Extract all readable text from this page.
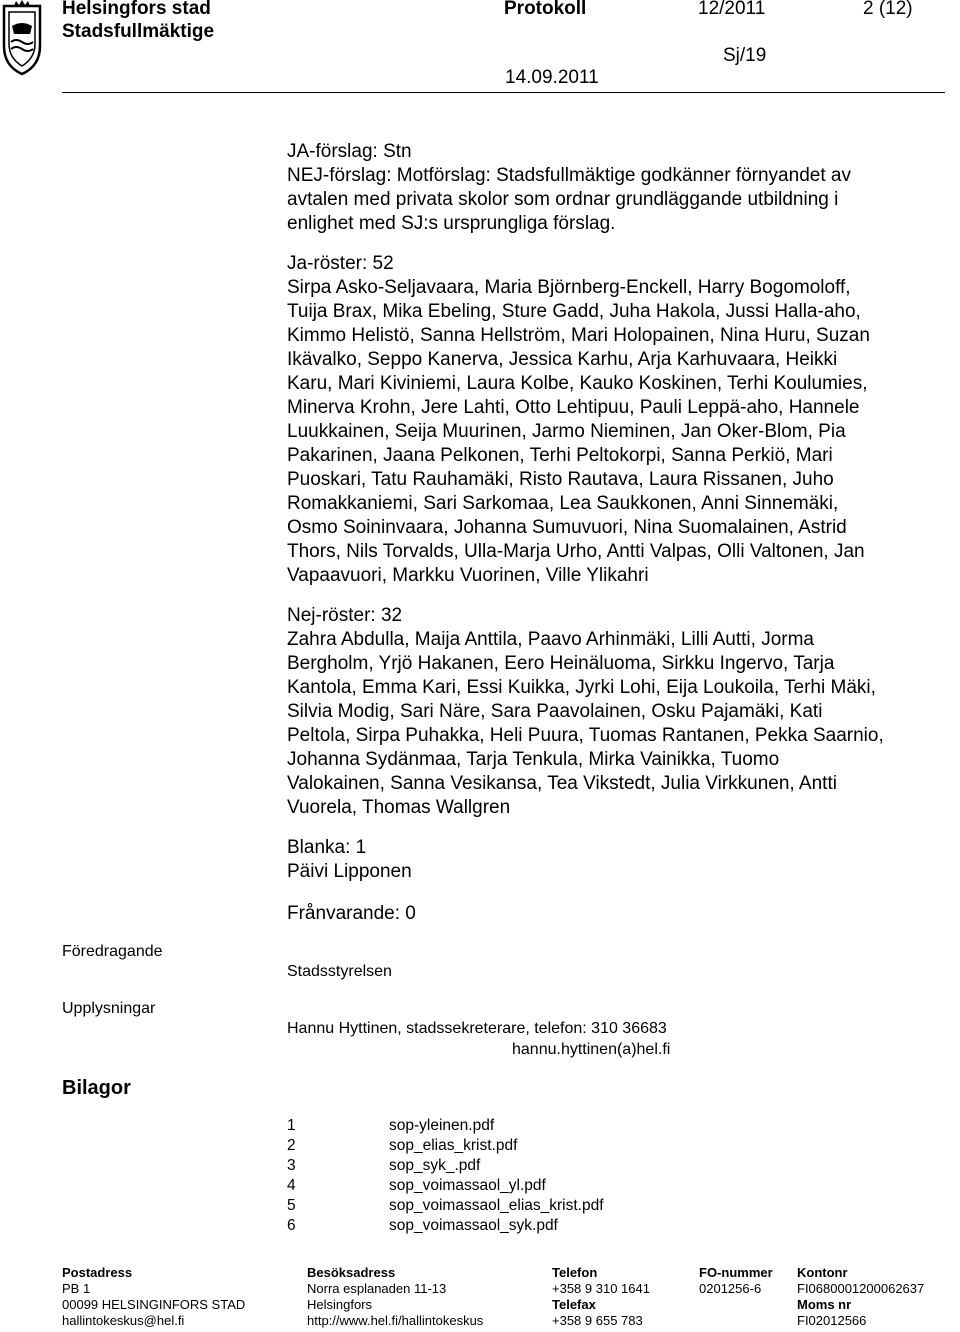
Helsingfors stad
Stadsfullmäktige
Protokoll	12/2011	2 (12)
Sj/19
14.09.2011
JA-förslag: Stn
NEJ-förslag: Motförslag: Stadsfullmäktige godkänner förnyandet av
avtalen med privata skolor som ordnar grundläggande utbildning i
enlighet med SJ:s ursprungliga förslag.
Ja-röster: 52
Sirpa Asko-Seljavaara, Maria Björnberg-Enckell, Harry Bogomoloff,
Tuija Brax, Mika Ebeling, Sture Gadd, Juha Hakola, Jussi Halla-aho,
Kimmo Helistö, Sanna Hellström, Mari Holopainen, Nina Huru, Suzan
Ikävalko, Seppo Kanerva, Jessica Karhu, Arja Karhuvaara, Heikki
Karu, Mari Kiviniemi, Laura Kolbe, Kauko Koskinen, Terhi Koulumies,
Minerva Krohn, Jere Lahti, Otto Lehtipuu, Pauli Leppä-aho, Hannele
Luukkainen, Seija Muurinen, Jarmo Nieminen, Jan Oker-Blom, Pia
Pakarinen, Jaana Pelkonen, Terhi Peltokorpi, Sanna Perkiö, Mari
Puoskari, Tatu Rauhamäki, Risto Rautava, Laura Rissanen, Juho
Romakkaniemi, Sari Sarkomaa, Lea Saukkonen, Anni Sinnemäki,
Osmo Soininvaara, Johanna Sumuvuori, Nina Suomalainen, Astrid
Thors, Nils Torvalds, Ulla-Marja Urho, Antti Valpas, Olli Valtonen, Jan
Vapaavuori, Markku Vuorinen, Ville Ylikahri
Nej-röster: 32
Zahra Abdulla, Maija Anttila, Paavo Arhinmäki, Lilli Autti, Jorma
Bergholm, Yrjö Hakanen, Eero Heinäluoma, Sirkku Ingervo, Tarja
Kantola, Emma Kari, Essi Kuikka, Jyrki Lohi, Eija Loukoila, Terhi Mäki,
Silvia Modig, Sari Näre, Sara Paavolainen, Osku Pajamäki, Kati
Peltola, Sirpa Puhakka, Heli Puura, Tuomas Rantanen, Pekka Saarnio,
Johanna Sydänmaa, Tarja Tenkula, Mirka Vainikka, Tuomo
Valokainen, Sanna Vesikansa, Tea Vikstedt, Julia Virkkunen, Antti
Vuorela, Thomas Wallgren
Blanka: 1
Päivi Lipponen
Frånvarande: 0
Föredragande
Stadsstyrelsen
Upplysningar
Hannu Hyttinen, stadssekreterare, telefon: 310 36683
hannu.hyttinen(a)hel.fi
Bilagor
1	sop-yleinen.pdf
2	sop_elias_krist.pdf
3	sop_syk_.pdf
4	sop_voimassaol_yl.pdf
5	sop_voimassaol_elias_krist.pdf
6	sop_voimassaol_syk.pdf
Postadress
PB 1
00099 HELSINGINFORS STAD
hallintokeskus@hel.fi
Besöksadress
Norra esplanaden 11-13
Helsingfors
http://www.hel.fi/hallintokeskus
Telefon
+358 9 310 1641
Telefax
+358 9 655 783
FO-nummer
0201256-6
Kontonr
FI0680001200062637
Moms nr
FI02012566
